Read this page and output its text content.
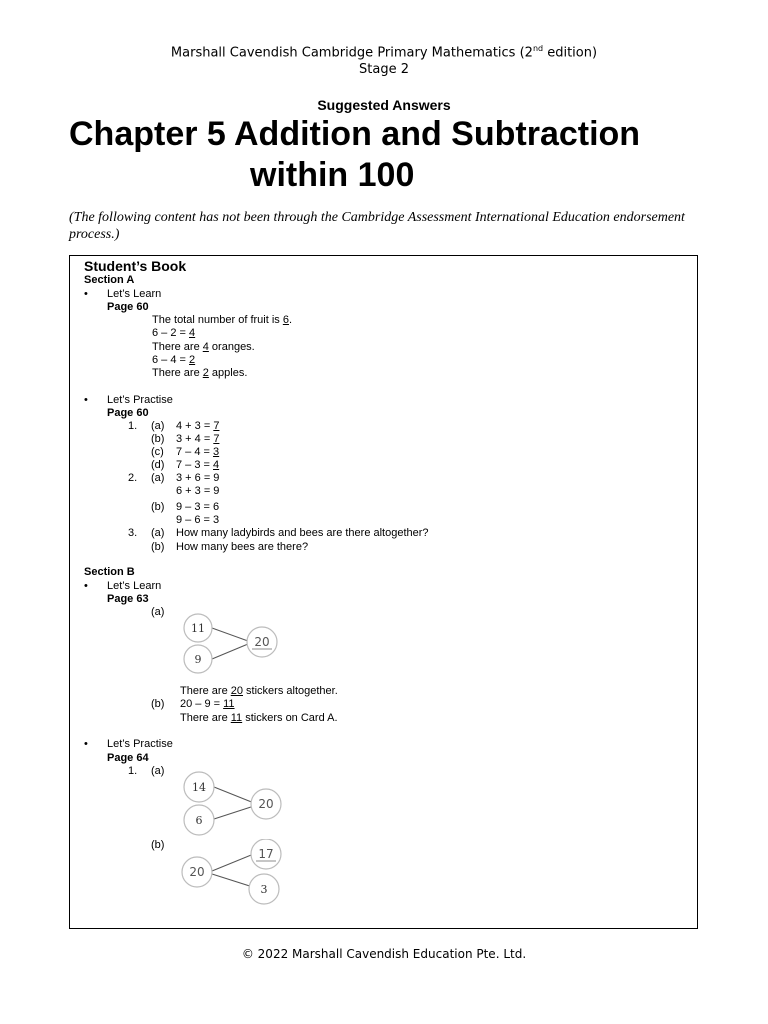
Marshall Cavendish Cambridge Primary Mathematics (2nd edition)
Stage 2
Suggested Answers
Chapter 5 Addition and Subtraction
within 100
(The following content has not been through the Cambridge Assessment International Education endorsement process.)
Student’s Book
Section A
• Let’s Learn
Page 60
The total number of fruit is 6.
6 – 2 = 4
There are 4 oranges.
6 – 4 = 2
There are 2 apples.
• Let’s Practise
Page 60
1. (a) 4 + 3 = 7
(b) 3 + 4 = 7
(c) 7 – 4 = 3
(d) 7 – 3 = 4
2. (a) 3 + 6 = 9
6 + 3 = 9
(b) 9 – 3 = 6
9 – 6 = 3
3. (a) How many ladybirds and bees are there altogether?
(b) How many bees are there?
Section B
• Let’s Learn
Page 63
(a)
11
9
20
There are 20 stickers altogether.
(b) 20 – 9 = 11
There are 11 stickers on Card A.
• Let’s Practise
Page 64
1. (a)
14
6
20
(b)
20
17
3
© 2022 Marshall Cavendish Education Pte. Ltd.
